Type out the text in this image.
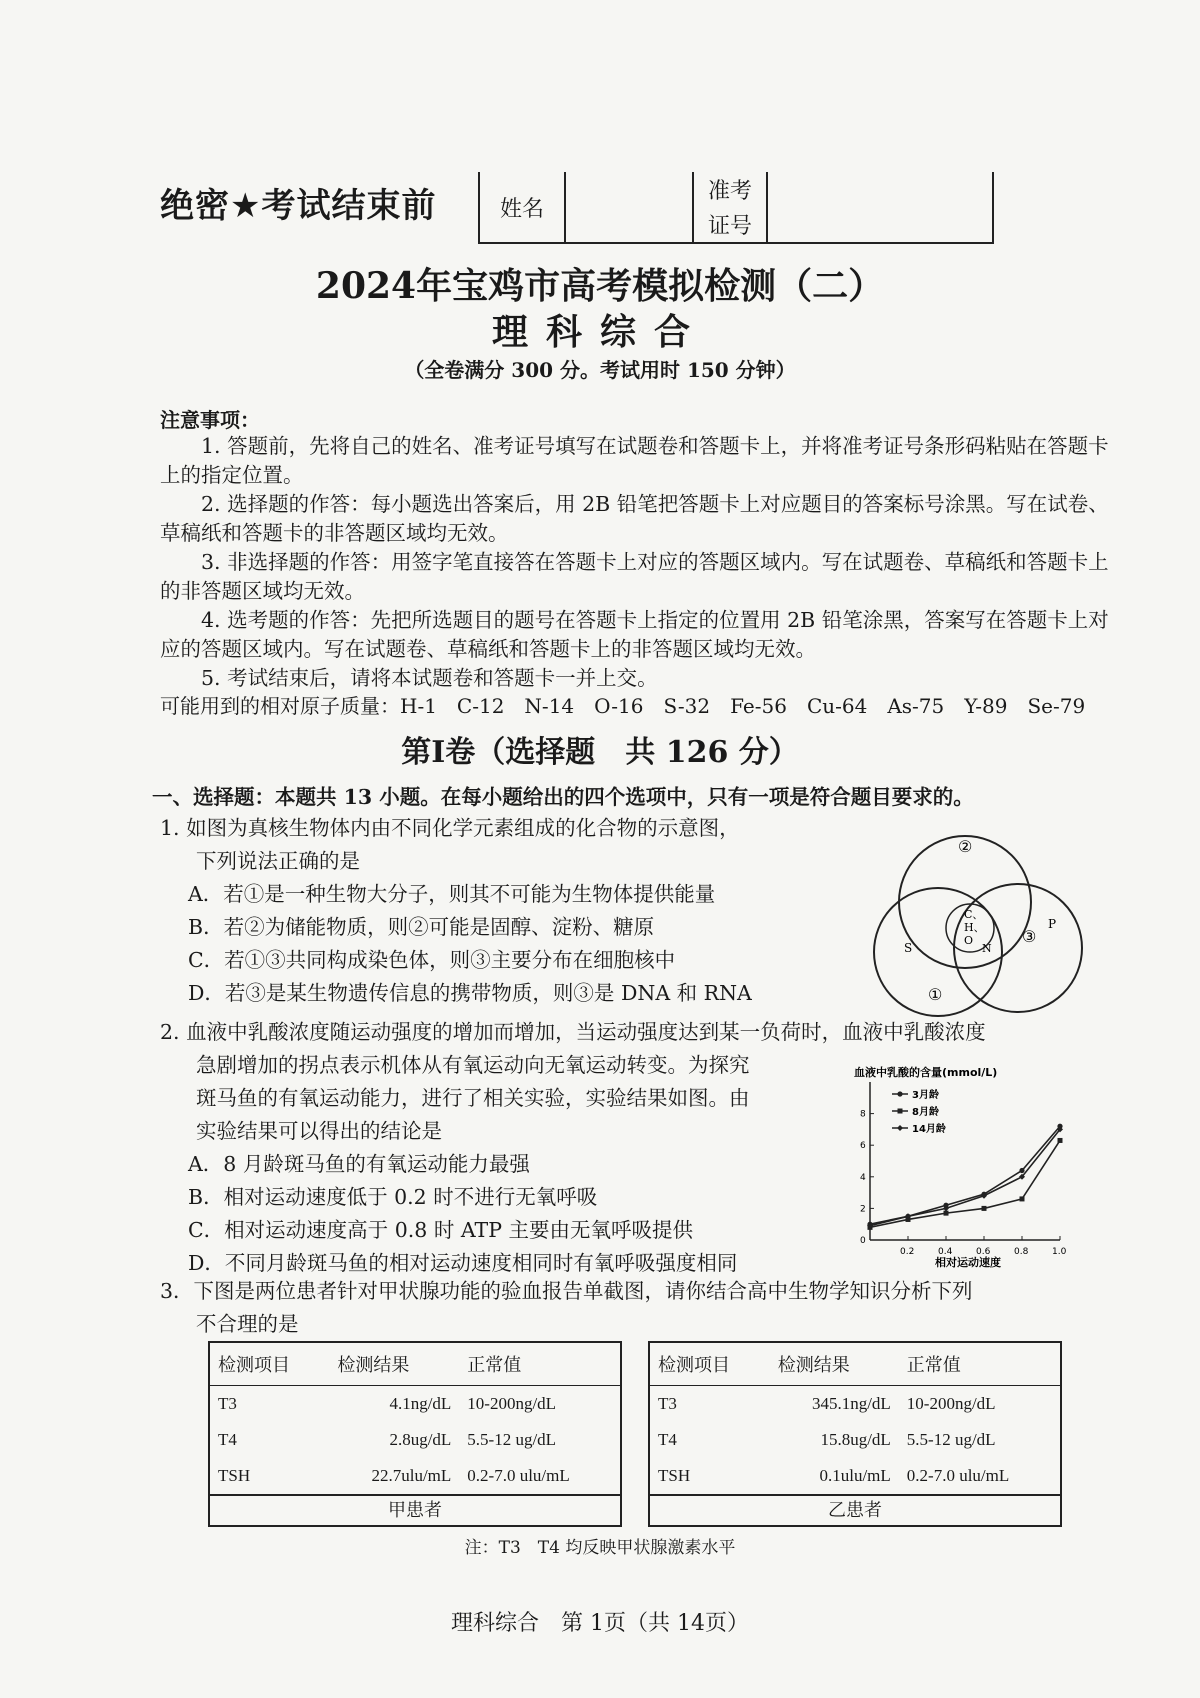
绝密★考试结束前	姓名
准考
证号
2024年宝鸡市高考模拟检测（二）
理科综合
（全卷满分 300 分。考试用时 150 分钟）
注意事项：

1. 答题前，先将自己的姓名、准考证号填写在试题卷和答题卡上，并将准考证号条形码粘贴在答题卡上的指定位置。

2. 选择题的作答：每小题选出答案后，用 2B 铅笔把答题卡上对应题目的答案标号涂黑。写在试卷、草稿纸和答题卡的非答题区域均无效。

3. 非选择题的作答：用签字笔直接答在答题卡上对应的答题区域内。写在试题卷、草稿纸和答题卡上的非答题区域均无效。

4. 选考题的作答：先把所选题目的题号在答题卡上指定的位置用 2B 铅笔涂黑，答案写在答题卡上对应的答题区域内。写在试题卷、草稿纸和答题卡上的非答题区域均无效。

5. 考试结束后，请将本试题卷和答题卡一并上交。

可能用到的相对原子质量：H-1　C-12　N-14　O-16　S-32　Fe-56　Cu-64　As-75　Y-89　Se-79
第Ⅰ卷（选择题　共 126 分）
一、选择题：本题共 13 小题。在每小题给出的四个选项中，只有一项是符合题目要求的。

1. 如图为真核生物体内由不同化学元素组成的化合物的示意图，

下列说法正确的是

A．若①是一种生物大分子，则其不可能为生物体提供能量

B．若②为储能物质，则②可能是固醇、淀粉、糖原

C．若①③共同构成染色体，则③主要分布在细胞核中

D．若③是某生物遗传信息的携带物质，则③是 DNA 和 RNA

②
①
③
C、
H、
O
S
P
N

2. 血液中乳酸浓度随运动强度的增加而增加，当运动强度达到某一负荷时，血液中乳酸浓度

急剧增加的拐点表示机体从有氧运动向无氧运动转变。为探究

斑马鱼的有氧运动能力，进行了相关实验，实验结果如图。由

实验结果可以得出的结论是

A．8 月龄斑马鱼的有氧运动能力最强

B．相对运动速度低于 0.2 时不进行无氧呼吸

C．相对运动速度高于 0.8 时 ATP 主要由无氧呼吸提供

D．不同月龄斑马鱼的相对运动速度相同时有氧呼吸强度相同

血液中乳酸的含量(mmol/L)
0.2	0.4	0.6	0.8	1.0
0
2
4
6
8
3月龄
8月龄
14月龄
相对运动速度

3．下图是两位患者针对甲状腺功能的验血报告单截图，请你结合高中生物学知识分析下列

不合理的是

检测项目	检测结果	正常值
T3	4.1ng/dL	10-200ng/dL
T4	2.8ug/dL	5.5-12 ug/dL
TSH	22.7ulu/mL	0.2-7.0 ulu/mL
甲患者
检测项目	检测结果	正常值
T3	345.1ng/dL	10-200ng/dL
T4	15.8ug/dL	5.5-12 ug/dL
TSH	0.1ulu/mL	0.2-7.0 ulu/mL
乙患者
注：T3　T4 均反映甲状腺激素水平
理科综合　第 1页（共 14页）
